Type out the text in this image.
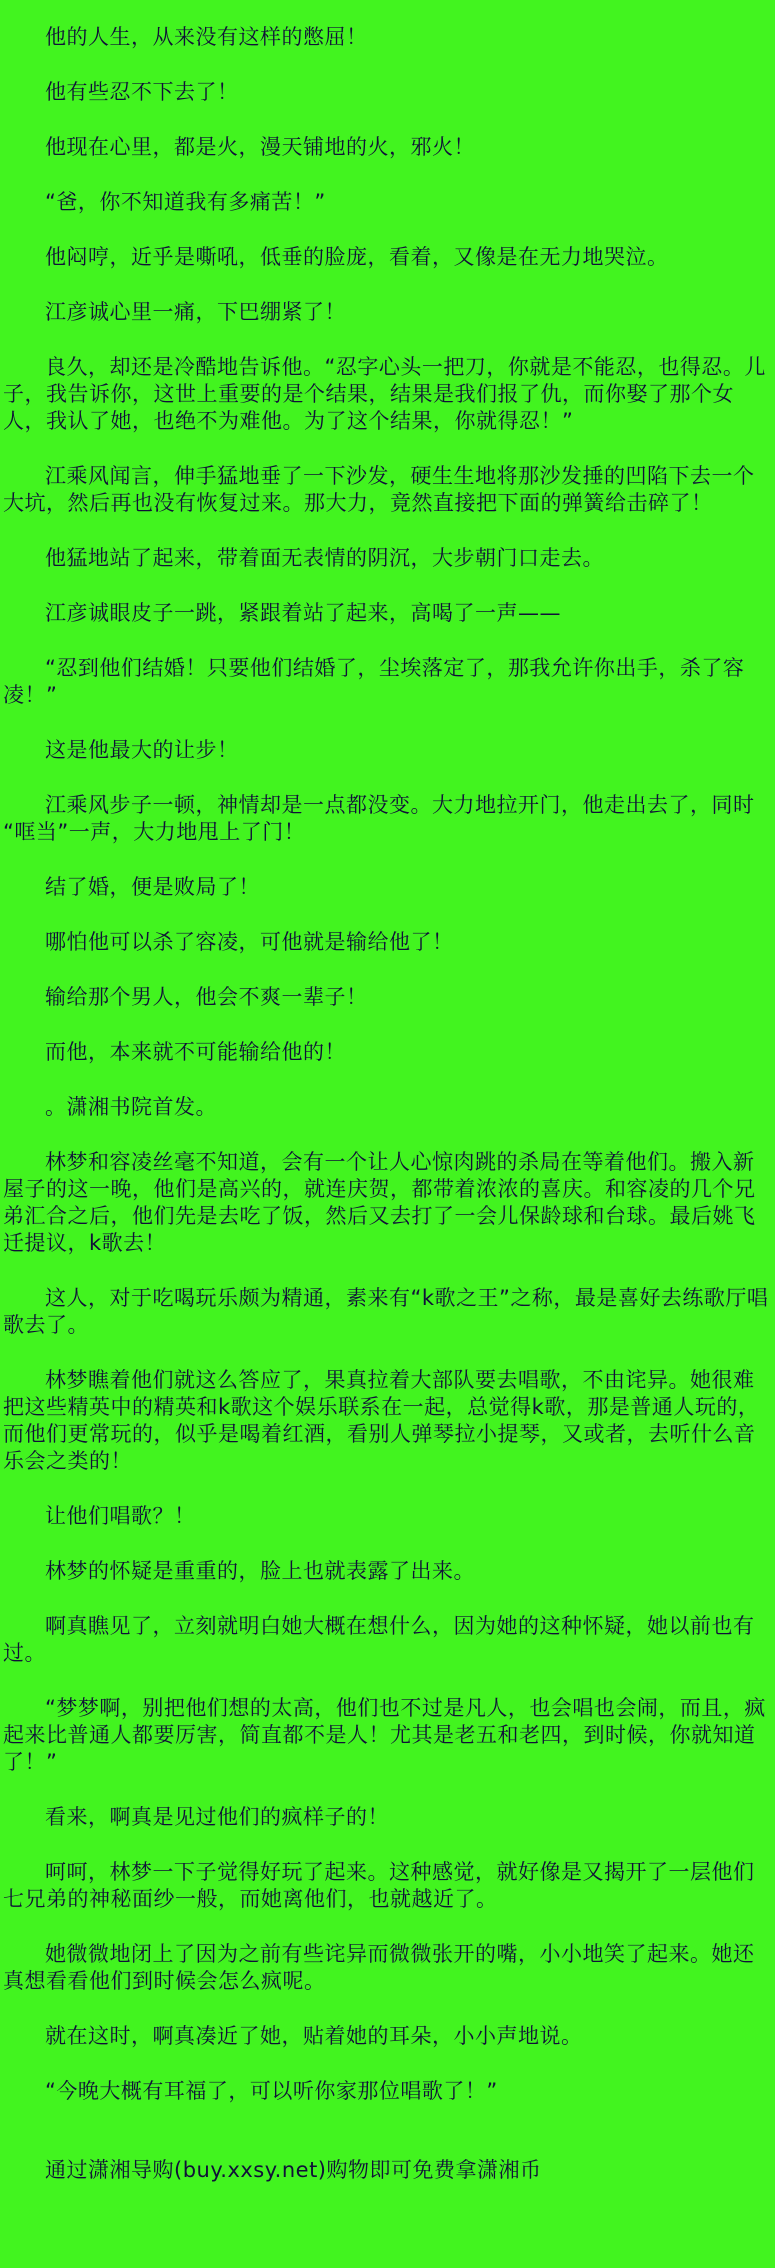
他的人生，从来没有这样的憋屈！

他有些忍不下去了！

他现在心里，都是火，漫天铺地的火，邪火！

“爸，你不知道我有多痛苦！”

他闷哼，近乎是嘶吼，低垂的脸庞，看着，又像是在无力地哭泣。

江彦诚心里一痛，下巴绷紧了！

良久，却还是冷酷地告诉他。“忍字心头一把刀，你就是不能忍，也得忍。儿子，我告诉你，这世上重要的是个结果，结果是我们报了仇，而你娶了那个女人，我认了她，也绝不为难他。为了这个结果，你就得忍！”

江乘风闻言，伸手猛地垂了一下沙发，硬生生地将那沙发捶的凹陷下去一个大坑，然后再也没有恢复过来。那大力，竟然直接把下面的弹簧给击碎了！

他猛地站了起来，带着面无表情的阴沉，大步朝门口走去。

江彦诚眼皮子一跳，紧跟着站了起来，高喝了一声——

“忍到他们结婚！只要他们结婚了，尘埃落定了，那我允许你出手，杀了容凌！”

这是他最大的让步！

江乘风步子一顿，神情却是一点都没变。大力地拉开门，他走出去了，同时“哐当”一声，大力地甩上了门！

结了婚，便是败局了！

哪怕他可以杀了容凌，可他就是输给他了！

输给那个男人，他会不爽一辈子！

而他，本来就不可能输给他的！

。潇湘书院首发。

林梦和容凌丝毫不知道，会有一个让人心惊肉跳的杀局在等着他们。搬入新屋子的这一晚，他们是高兴的，就连庆贺，都带着浓浓的喜庆。和容凌的几个兄弟汇合之后，他们先是去吃了饭，然后又去打了一会儿保龄球和台球。最后姚飞迁提议，k歌去！

这人，对于吃喝玩乐颇为精通，素来有“k歌之王”之称，最是喜好去练歌厅唱歌去了。

林梦瞧着他们就这么答应了，果真拉着大部队要去唱歌，不由诧异。她很难把这些精英中的精英和k歌这个娱乐联系在一起，总觉得k歌，那是普通人玩的，而他们更常玩的，似乎是喝着红酒，看别人弹琴拉小提琴，又或者，去听什么音乐会之类的！

让他们唱歌？！

林梦的怀疑是重重的，脸上也就表露了出来。

啊真瞧见了，立刻就明白她大概在想什么，因为她的这种怀疑，她以前也有过。

“梦梦啊，别把他们想的太高，他们也不过是凡人，也会唱也会闹，而且，疯起来比普通人都要厉害，简直都不是人！尤其是老五和老四，到时候，你就知道了！”

看来，啊真是见过他们的疯样子的！

呵呵，林梦一下子觉得好玩了起来。这种感觉，就好像是又揭开了一层他们七兄弟的神秘面纱一般，而她离他们，也就越近了。

她微微地闭上了因为之前有些诧异而微微张开的嘴，小小地笑了起来。她还真想看看他们到时候会怎么疯呢。

就在这时，啊真凑近了她，贴着她的耳朵，小小声地说。

“今晚大概有耳福了，可以听你家那位唱歌了！”

通过潇湘导购(buy.xxsy.net)购物即可免费拿潇湘币
